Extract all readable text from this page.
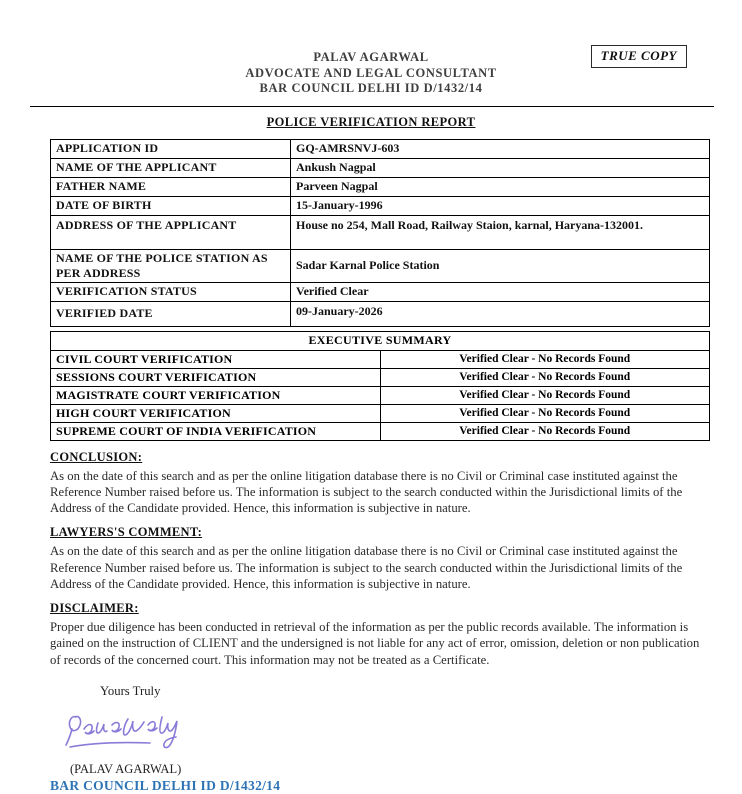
TRUE COPY
PALAV AGARWAL
ADVOCATE AND LEGAL CONSULTANT
BAR COUNCIL DELHI ID D/1432/14
POLICE VERIFICATION REPORT
APPLICATION ID	GQ-AMRSNVJ-603
NAME OF THE APPLICANT	Ankush Nagpal
FATHER NAME	Parveen Nagpal
DATE OF BIRTH	15-January-1996
ADDRESS OF THE APPLICANT	House no 254, Mall Road, Railway Staion, karnal, Haryana-132001.
NAME OF THE POLICE STATION AS PER ADDRESS	Sadar Karnal Police Station
VERIFICATION STATUS	Verified Clear
VERIFIED DATE	09-January-2026
EXECUTIVE SUMMARY	
CIVIL COURT VERIFICATION	Verified Clear - No Records Found
SESSIONS COURT VERIFICATION	Verified Clear - No Records Found
MAGISTRATE COURT VERIFICATION	Verified Clear - No Records Found
HIGH COURT VERIFICATION	Verified Clear - No Records Found
SUPREME COURT OF INDIA VERIFICATION	Verified Clear - No Records Found
CONCLUSION:
As on the date of this search and as per the online litigation database there is no Civil or Criminal case instituted against the Reference Number raised before us. The information is subject to the search conducted within the Jurisdictional limits of the Address of the Candidate provided. Hence, this information is subjective in nature.
LAWYERS'S COMMENT:
As on the date of this search and as per the online litigation database there is no Civil or Criminal case instituted against the Reference Number raised before us. The information is subject to the search conducted within the Jurisdictional limits of the Address of the Candidate provided. Hence, this information is subjective in nature.
DISCLAIMER:
Proper due diligence has been conducted in retrieval of the information as per the public records available. The information is gained on the instruction of CLIENT and the undersigned is not liable for any act of error, omission, deletion or non publication of records of the concerned court. This information may not be treated as a Certificate.
Yours Truly
(PALAV AGARWAL)
BAR COUNCIL DELHI ID D/1432/14
